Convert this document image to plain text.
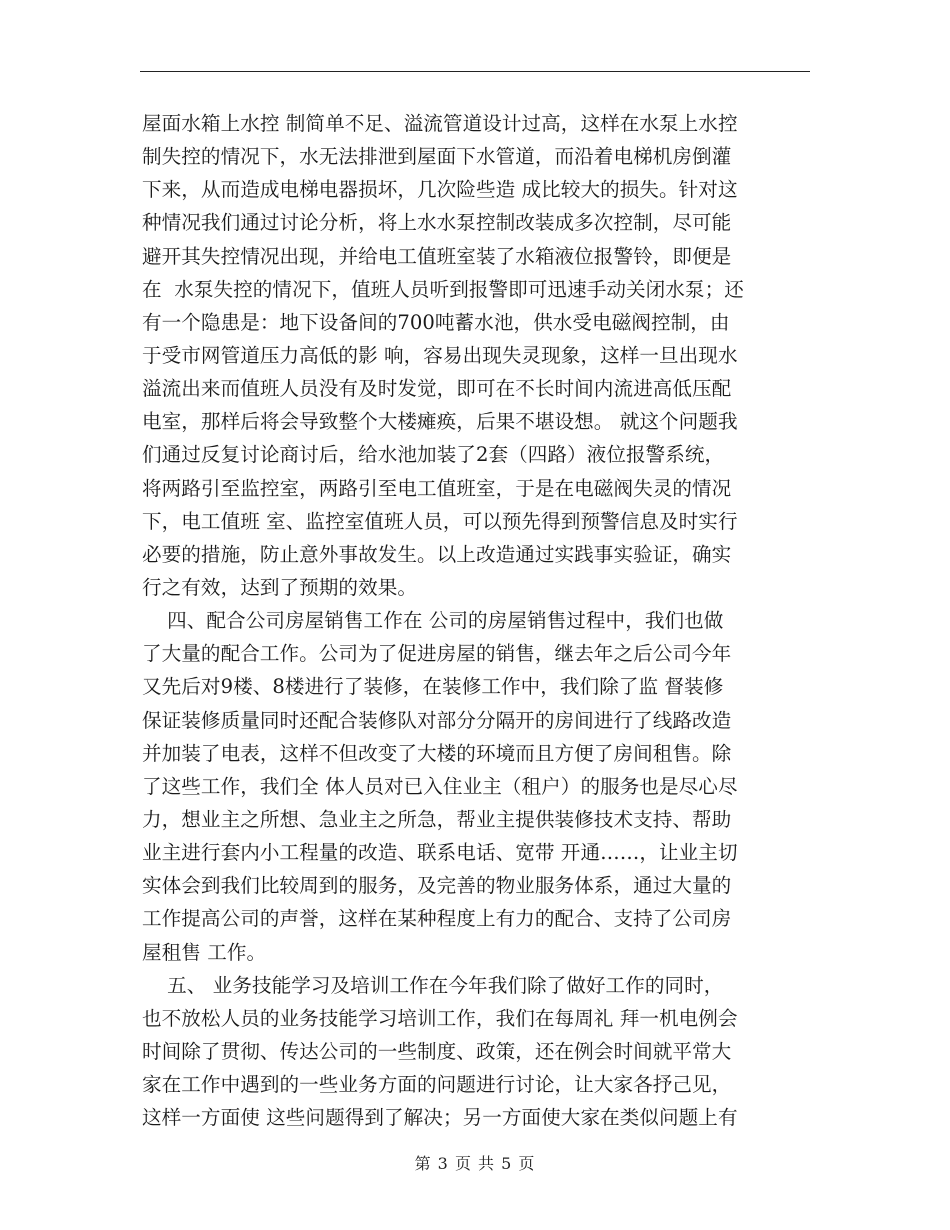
屋面水箱上水控 制简单不足、溢流管道设计过高，这样在水泵上水控
制失控的情况下，水无法排泄到屋面下水管道，而沿着电梯机房倒灌
下来，从而造成电梯电器损坏，几次险些造 成比较大的损失。针对这
种情况我们通过讨论分析，将上水水泵控制改装成多次控制，尽可能
避开其失控情况出现，并给电工值班室装了水箱液位报警铃，即便是
在  水泵失控的情况下，值班人员听到报警即可迅速手动关闭水泵；还
有一个隐患是：地下设备间的700吨蓄水池，供水受电磁阀控制，由
于受市网管道压力高低的影 响，容易出现失灵现象，这样一旦出现水
溢流出来而值班人员没有及时发觉，即可在不长时间内流进高低压配
电室，那样后将会导致整个大楼瘫痪，后果不堪设想。 就这个问题我
们通过反复讨论商讨后，给水池加装了2套（四路）液位报警系统，
将两路引至监控室，两路引至电工值班室，于是在电磁阀失灵的情况
下，电工值班 室、监控室值班人员，可以预先得到预警信息及时实行
必要的措施，防止意外事故发生。以上改造通过实践事实验证，确实
行之有效，达到了预期的效果。
四、配合公司房屋销售工作在 公司的房屋销售过程中，我们也做
了大量的配合工作。公司为了促进房屋的销售，继去年之后公司今年
又先后对9楼、8楼进行了装修，在装修工作中，我们除了监 督装修
保证装修质量同时还配合装修队对部分分隔开的房间进行了线路改造
并加装了电表，这样不但改变了大楼的环境而且方便了房间租售。除
了这些工作，我们全 体人员对已入住业主（租户）的服务也是尽心尽
力，想业主之所想、急业主之所急，帮业主提供装修技术支持、帮助
业主进行套内小工程量的改造、联系电话、宽带 开通……，让业主切
实体会到我们比较周到的服务，及完善的物业服务体系，通过大量的
工作提高公司的声誉，这样在某种程度上有力的配合、支持了公司房
屋租售 工作。
五、 业务技能学习及培训工作在今年我们除了做好工作的同时，
也不放松人员的业务技能学习培训工作，我们在每周礼 拜一机电例会
时间除了贯彻、传达公司的一些制度、政策，还在例会时间就平常大
家在工作中遇到的一些业务方面的问题进行讨论，让大家各抒己见，
这样一方面使 这些问题得到了解决；另一方面使大家在类似问题上有
第 3 页 共 5 页
